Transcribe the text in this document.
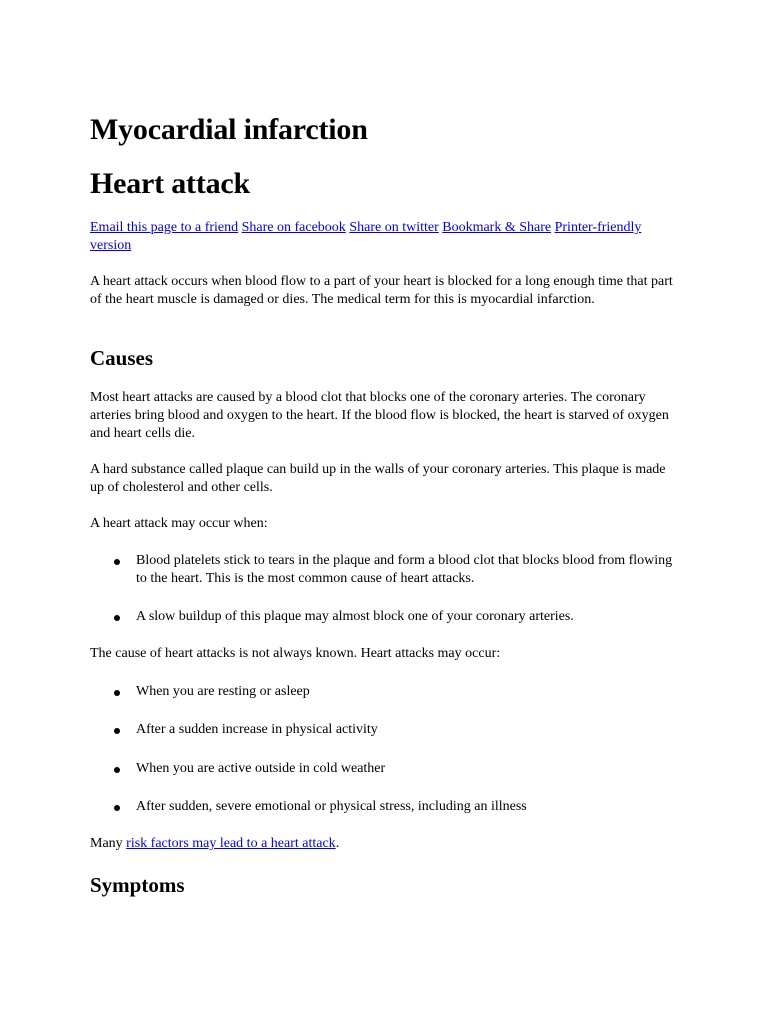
Myocardial infarction
Heart attack
Email this page to a friend Share on facebook Share on twitter Bookmark & Share Printer-friendly version

A heart attack occurs when blood flow to a part of your heart is blocked for a long enough time that part of the heart muscle is damaged or dies. The medical term for this is myocardial infarction.

Causes

Most heart attacks are caused by a blood clot that blocks one of the coronary arteries. The coronary arteries bring blood and oxygen to the heart. If the blood flow is blocked, the heart is starved of oxygen and heart cells die.

A hard substance called plaque can build up in the walls of your coronary arteries. This plaque is made up of cholesterol and other cells.

A heart attack may occur when:

Blood platelets stick to tears in the plaque and form a blood clot that blocks blood from flowing to the heart. This is the most common cause of heart attacks.
A slow buildup of this plaque may almost block one of your coronary arteries.

The cause of heart attacks is not always known. Heart attacks may occur:

When you are resting or asleep
After a sudden increase in physical activity
When you are active outside in cold weather
After sudden, severe emotional or physical stress, including an illness

Many risk factors may lead to a heart attack.

Symptoms
